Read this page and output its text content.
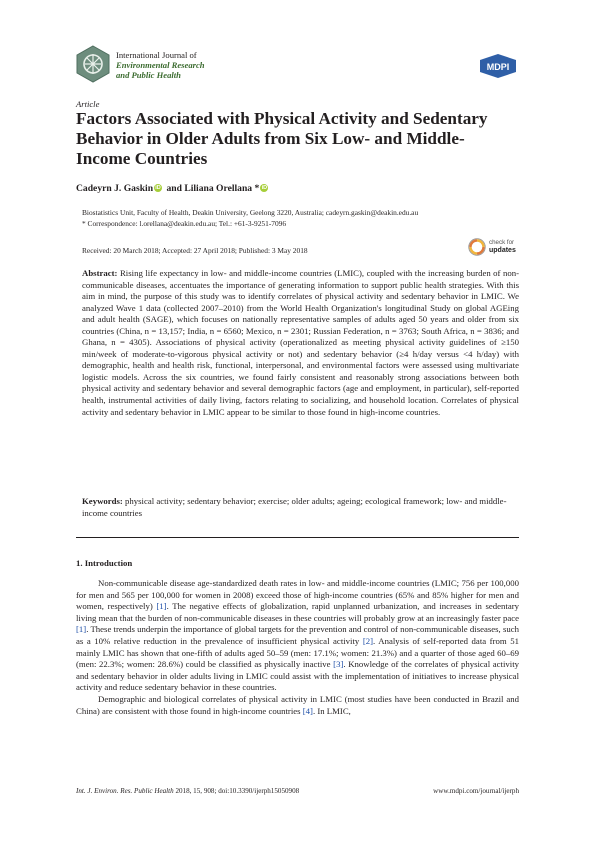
International Journal of
Environmental Research
and Public Health
MDPI
Article
Factors Associated with Physical Activity and Sedentary Behavior in Older Adults from Six Low- and Middle-Income Countries
Cadeyrn J. Gaskin iD and Liliana Orellana * iD
Biostatistics Unit, Faculty of Health, Deakin University, Geelong 3220, Australia; cadeyrn.gaskin@deakin.edu.au
* Correspondence: l.orellana@deakin.edu.au; Tel.: +61-3-9251-7096
Received: 20 March 2018; Accepted: 27 April 2018; Published: 3 May 2018
check for
updates
Abstract: Rising life expectancy in low- and middle-income countries (LMIC), coupled with the increasing burden of non-communicable diseases, accentuates the importance of generating information to support public health strategies. With this aim in mind, the purpose of this study was to identify correlates of physical activity and sedentary behavior in LMIC. We analyzed Wave 1 data (collected 2007–2010) from the World Health Organization's longitudinal Study on global AGEing and adult health (SAGE), which focuses on nationally representative samples of adults aged 50 years and older from six countries (China, n = 13,157; India, n = 6560; Mexico, n = 2301; Russian Federation, n = 3763; South Africa, n = 3836; and Ghana, n = 4305). Associations of physical activity (operationalized as meeting physical activity guidelines of ≥150 min/week of moderate-to-vigorous physical activity or not) and sedentary behavior (≥4 h/day versus <4 h/day) with demographic, health and health risk, functional, interpersonal, and environmental factors were assessed using multivariate logistic models. Across the six countries, we found fairly consistent and reasonably strong associations between both physical activity and sedentary behavior and several demographic factors (age and employment, in particular), self-reported health, instrumental activities of daily living, factors relating to socializing, and household location. Correlates of physical activity and sedentary behavior in LMIC appear to be similar to those found in high-income countries.
Keywords: physical activity; sedentary behavior; exercise; older adults; ageing; ecological framework; low- and middle-income countries
1. Introduction

Non-communicable disease age-standardized death rates in low- and middle-income countries (LMIC; 756 per 100,000 for men and 565 per 100,000 for women in 2008) exceed those of high-income countries (65% and 85% higher for men and women, respectively) [1]. The negative effects of globalization, rapid unplanned urbanization, and increases in sedentary living mean that the burden of non-communicable diseases in these countries will probably grow at an increasingly faster pace [1]. These trends underpin the importance of global targets for the prevention and control of non-communicable diseases, such as a 10% relative reduction in the prevalence of insufficient physical activity [2]. Analysis of self-reported data from 51 mainly LMIC has shown that one-fifth of adults aged 50–59 (men: 17.1%; women: 21.3%) and a quarter of those aged 60–69 (men: 22.3%; women: 28.6%) could be classified as physically inactive [3]. Knowledge of the correlates of physical activity and sedentary behavior in older adults living in LMIC could assist with the implementation of initiatives to increase physical activity and reduce sedentary behavior in these countries.

Demographic and biological correlates of physical activity in LMIC (most studies have been conducted in Brazil and China) are consistent with those found in high-income countries [4]. In LMIC,

Int. J. Environ. Res. Public Health 2018, 15, 908; doi:10.3390/ijerph15050908	www.mdpi.com/journal/ijerph
